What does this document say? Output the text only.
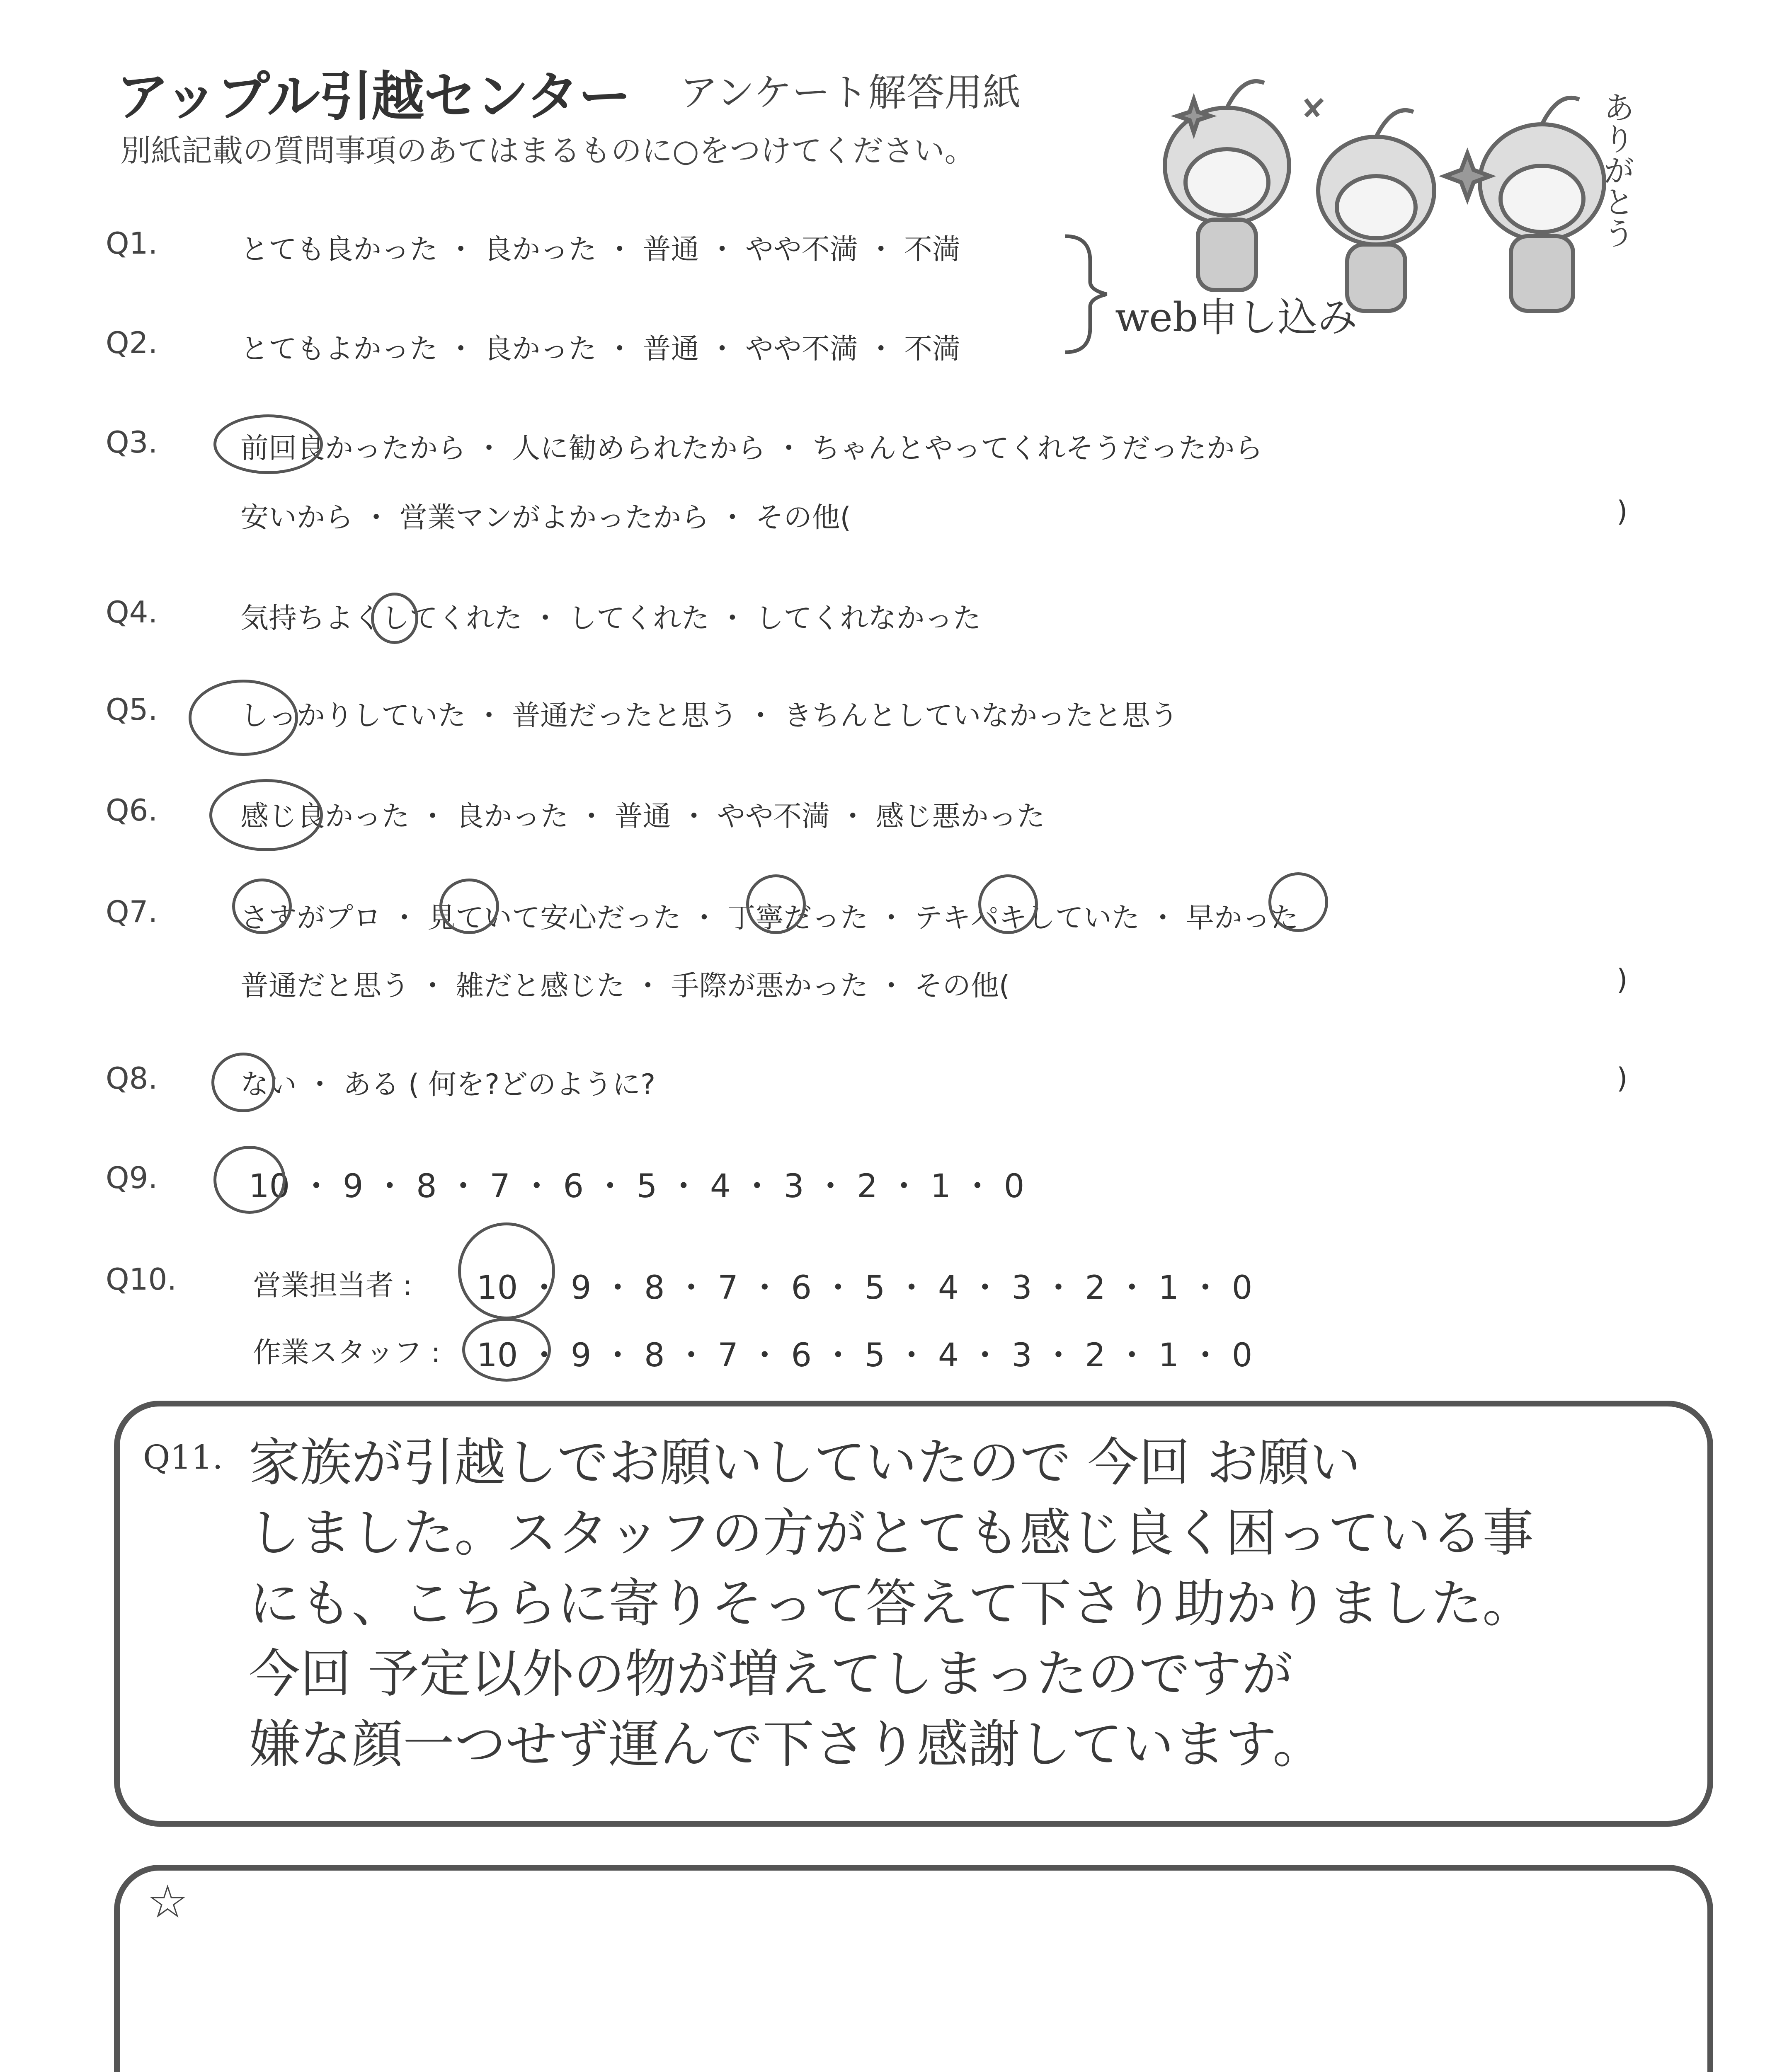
アップル引越センター アンケート解答用紙
別紙記載の質問事項のあてはまるものに○をつけてください。	ありがとう
Q1.	とても良かった ・ 良かった ・ 普通 ・ やや不満 ・ 不満
Q2.	とてもよかった ・ 良かった ・ 普通 ・ やや不満 ・ 不満
web申し込み
Q3.	前回良かったから ・ 人に勧められたから ・ ちゃんとやってくれそうだったから
安いから ・ 営業マンがよかったから ・ その他(	)
Q4.	気持ちよくしてくれた ・ してくれた ・ してくれなかった
Q5.	しっかりしていた ・ 普通だったと思う ・ きちんとしていなかったと思う
Q6.	感じ良かった ・ 良かった ・ 普通 ・ やや不満 ・ 感じ悪かった
Q7.	さすがプロ ・ 見ていて安心だった ・ 丁寧だった ・ テキパキしていた ・ 早かった
普通だと思う ・ 雑だと感じた ・ 手際が悪かった ・ その他(	)
Q8.	ない ・ ある ( 何を?どのように?	)
Q9.	10 ・ 9 ・ 8 ・ 7 ・ 6 ・ 5 ・ 4 ・ 3 ・ 2 ・ 1 ・ 0
Q10.	営業担当者 : 10 ・ 9 ・ 8 ・ 7 ・ 6 ・ 5 ・ 4 ・ 3 ・ 2 ・ 1 ・ 0
作業スタッフ : 10 ・ 9 ・ 8 ・ 7 ・ 6 ・ 5 ・ 4 ・ 3 ・ 2 ・ 1 ・ 0
Q11. 家族が引越しでお願いしていたので 今回 お願い
しました。スタッフの方がとても感じ良く困っている事
にも、こちらに寄りそって答えて下さり助かりました。
今回 予定以外の物が増えてしまったのですが
嫌な顔一つせず運んで下さり感謝しています。
☆
